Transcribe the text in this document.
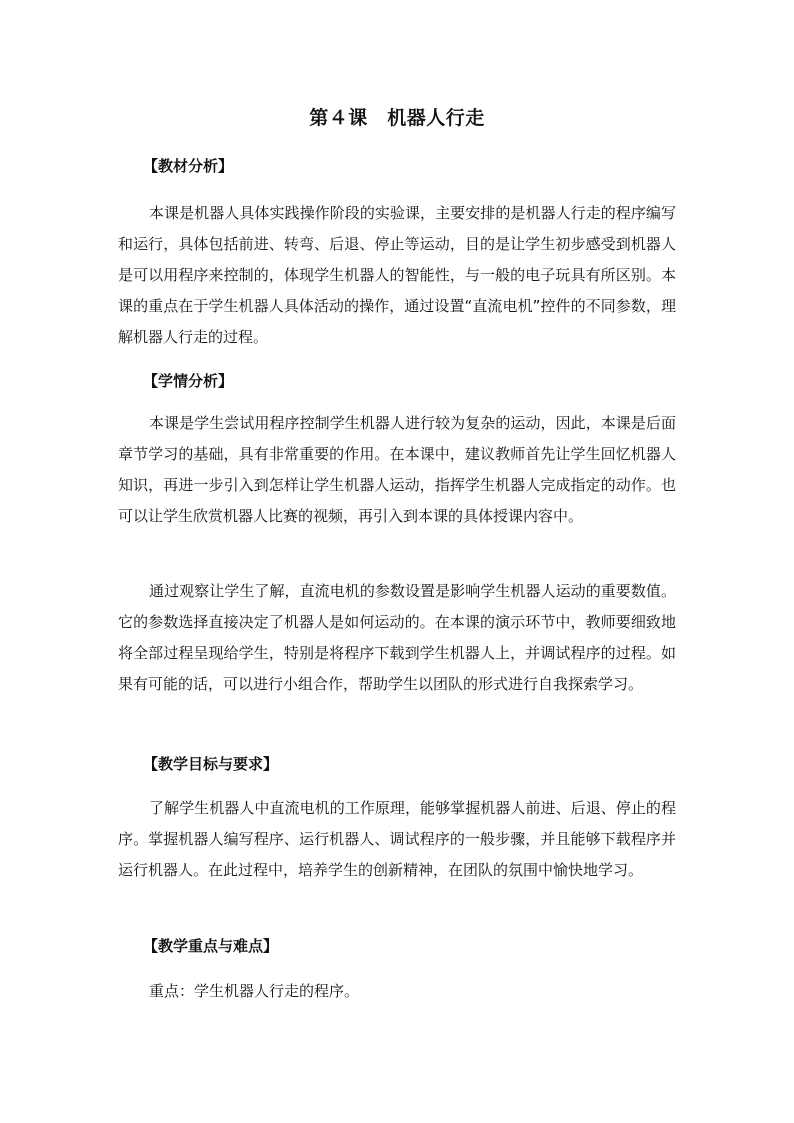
第４课　机器人行走
【教材分析】
本课是机器人具体实践操作阶段的实验课，主要安排的是机器人行走的程序编写和运行，具体包括前进、转弯、后退、停止等运动，目的是让学生初步感受到机器人是可以用程序来控制的，体现学生机器人的智能性，与一般的电子玩具有所区别。本课的重点在于学生机器人具体活动的操作，通过设置“直流电机”控件的不同参数，理解机器人行走的过程。
【学情分析】
本课是学生尝试用程序控制学生机器人进行较为复杂的运动，因此，本课是后面章节学习的基础，具有非常重要的作用。在本课中，建议教师首先让学生回忆机器人知识，再进一步引入到怎样让学生机器人运动，指挥学生机器人完成指定的动作。也可以让学生欣赏机器人比赛的视频，再引入到本课的具体授课内容中。
通过观察让学生了解，直流电机的参数设置是影响学生机器人运动的重要数值。它的参数选择直接决定了机器人是如何运动的。在本课的演示环节中，教师要细致地将全部过程呈现给学生，特别是将程序下载到学生机器人上，并调试程序的过程。如果有可能的话，可以进行小组合作，帮助学生以团队的形式进行自我探索学习。
【教学目标与要求】
了解学生机器人中直流电机的工作原理，能够掌握机器人前进、后退、停止的程序。掌握机器人编写程序、运行机器人、调试程序的一般步骤，并且能够下载程序并运行机器人。在此过程中，培养学生的创新精神，在团队的氛围中愉快地学习。
【教学重点与难点】
重点：学生机器人行走的程序。
